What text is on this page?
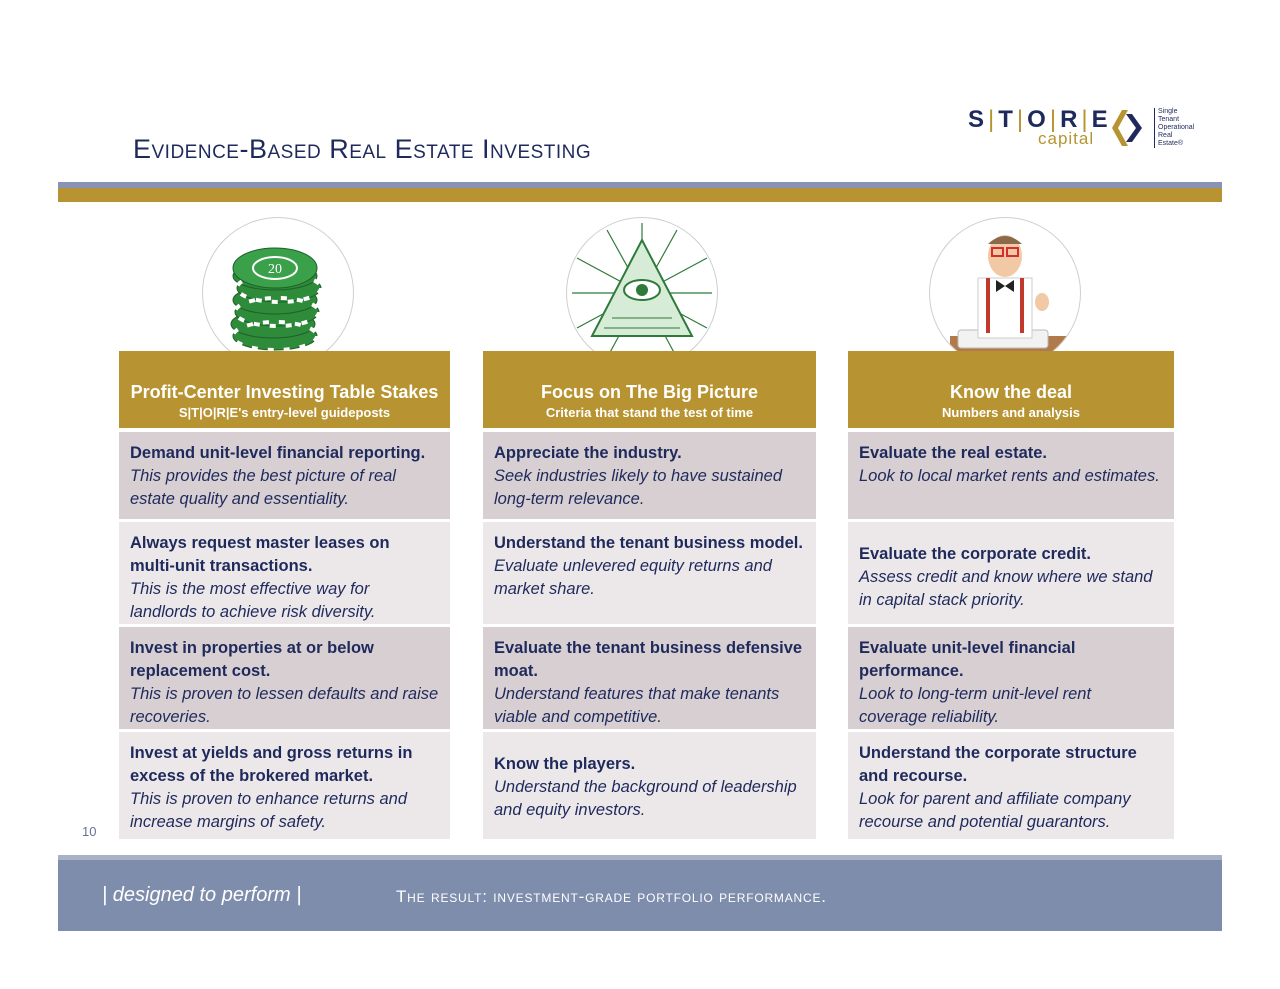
Evidence-Based Real Estate Investing
S | T | O | R | E
capital
Single
Tenant
Operational
Real
Estate®
20
Profit-Center Investing Table Stakes
S|T|O|R|E's entry-level guideposts
Demand unit-level financial reporting.
This provides the best picture of real estate quality and essentiality.
Always request master leases on multi-unit transactions.
This is the most effective way for landlords to achieve risk diversity.
Invest in properties at or below replacement cost.
This is proven to lessen defaults and raise recoveries.
Invest at yields and gross returns in excess of the brokered market.
This is proven to enhance returns and increase margins of safety.
Focus on The Big Picture
Criteria that stand the test of time
Appreciate the industry.
Seek industries likely to have sustained long-term relevance.
Understand the tenant business model.
Evaluate unlevered equity returns and market share.
Evaluate the tenant business defensive moat.
Understand features that make tenants viable and competitive.
Know the players.
Understand the background of leadership and equity investors.
Know the deal
Numbers and analysis
Evaluate the real estate.
Look to local market rents and estimates.
Evaluate the corporate credit.
Assess credit and know where we stand in capital stack priority.
Evaluate unit-level financial performance.
Look to long-term unit-level rent coverage reliability.
Understand the corporate structure and recourse.
Look for parent and affiliate company recourse and potential guarantors.
10
| designed to perform |	The result: investment-grade portfolio performance.
